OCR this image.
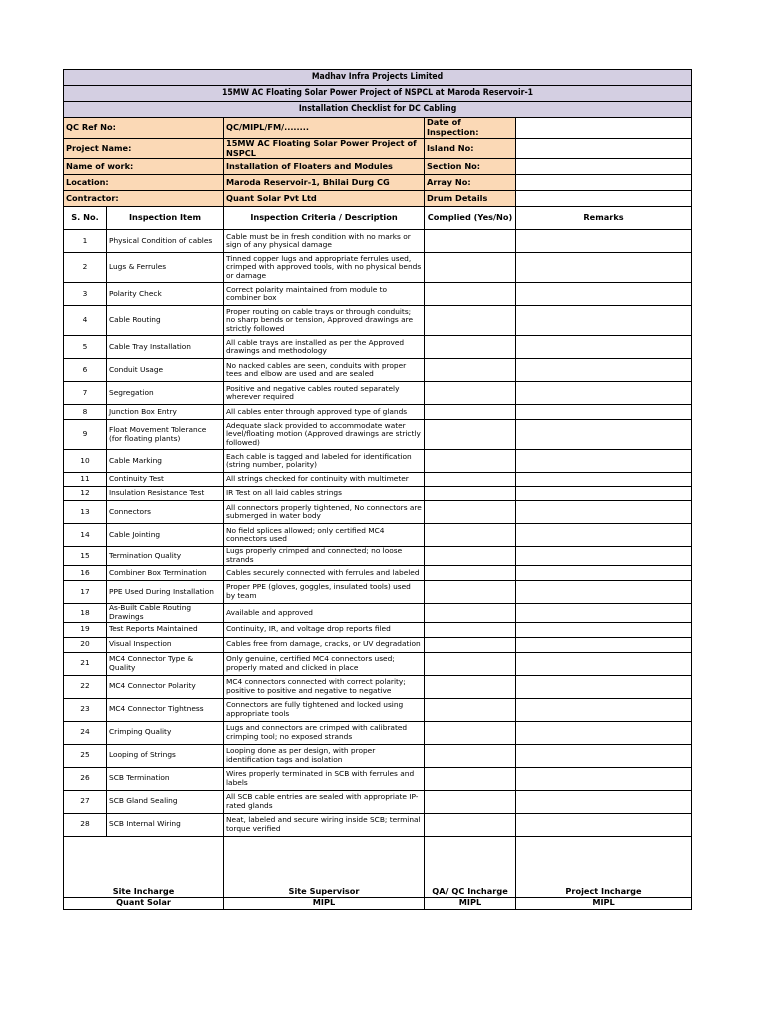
Madhav Infra Projects Limited				
15MW AC Floating Solar Power Project of NSPCL at Maroda Reservoir-1				
Installation Checklist for DC Cabling				
QC Ref No:		QC/MIPL/FM/........	Date of Inspection:	
Project Name:		15MW AC Floating Solar Power Project of NSPCL	Island No:	
Name of work:		Installation of Floaters and Modules	Section No:	
Location:		Maroda Reservoir-1, Bhilai Durg CG	Array No:	
Contractor:		Quant Solar Pvt Ltd	Drum Details	
S. No.	Inspection Item	Inspection Criteria / Description	Complied (Yes/No)	Remarks
1	Physical Condition of cables	Cable must be in fresh condition with no marks or sign of any physical damage		
2	Lugs & Ferrules	Tinned copper lugs and appropriate ferrules used, crimped with approved tools, with no physical bends or damage		
3	Polarity Check	Correct polarity maintained from module to combiner box		
4	Cable Routing	Proper routing on cable trays or through conduits; no sharp bends or tension, Approved drawings are strictly followed		
5	Cable Tray Installation	All cable trays are installed as per the Approved drawings and methodology		
6	Conduit Usage	No nacked cables are seen, conduits with proper tees and elbow are used and are sealed		
7	Segregation	Positive and negative cables routed separately wherever required		
8	Junction Box Entry	All cables enter through approved type of glands		
9	Float Movement Tolerance (for floating plants)	Adequate slack provided to accommodate water level/floating motion (Approved drawings are strictly followed)		
10	Cable Marking	Each cable is tagged and labeled for identification (string number, polarity)		
11	Continuity Test	All strings checked for continuity with multimeter		
12	Insulation Resistance Test	IR Test on all laid cables strings		
13	Connectors	All connectors properly tightened, No connectors are submerged in water body		
14	Cable Jointing	No field splices allowed; only certified MC4 connectors used		
15	Termination Quality	Lugs properly crimped and connected; no loose strands		
16	Combiner Box Termination	Cables securely connected with ferrules and labeled		
17	PPE Used During Installation	Proper PPE (gloves, goggles, insulated tools) used by team		
18	As-Built Cable Routing Drawings	Available and approved		
19	Test Reports Maintained	Continuity, IR, and voltage drop reports filed		
20	Visual Inspection	Cables free from damage, cracks, or UV degradation		
21	MC4 Connector Type & Quality	Only genuine, certified MC4 connectors used; properly mated and clicked in place		
22	MC4 Connector Polarity	MC4 connectors connected with correct polarity; positive to positive and negative to negative		
23	MC4 Connector Tightness	Connectors are fully tightened and locked using appropriate tools		
24	Crimping Quality	Lugs and connectors are crimped with calibrated crimping tool; no exposed strands		
25	Looping of Strings	Looping done as per design, with proper identification tags and isolation		
26	SCB Termination	Wires properly terminated in SCB with ferrules and labels		
27	SCB Gland Sealing	All SCB cable entries are sealed with appropriate IP-rated glands		
28	SCB Internal Wiring	Neat, labeled and secure wiring inside SCB; terminal torque verified		

Site Incharge		Site Supervisor	QA/ QC Incharge	Project Incharge
Quant Solar		MIPL	MIPL	MIPL
